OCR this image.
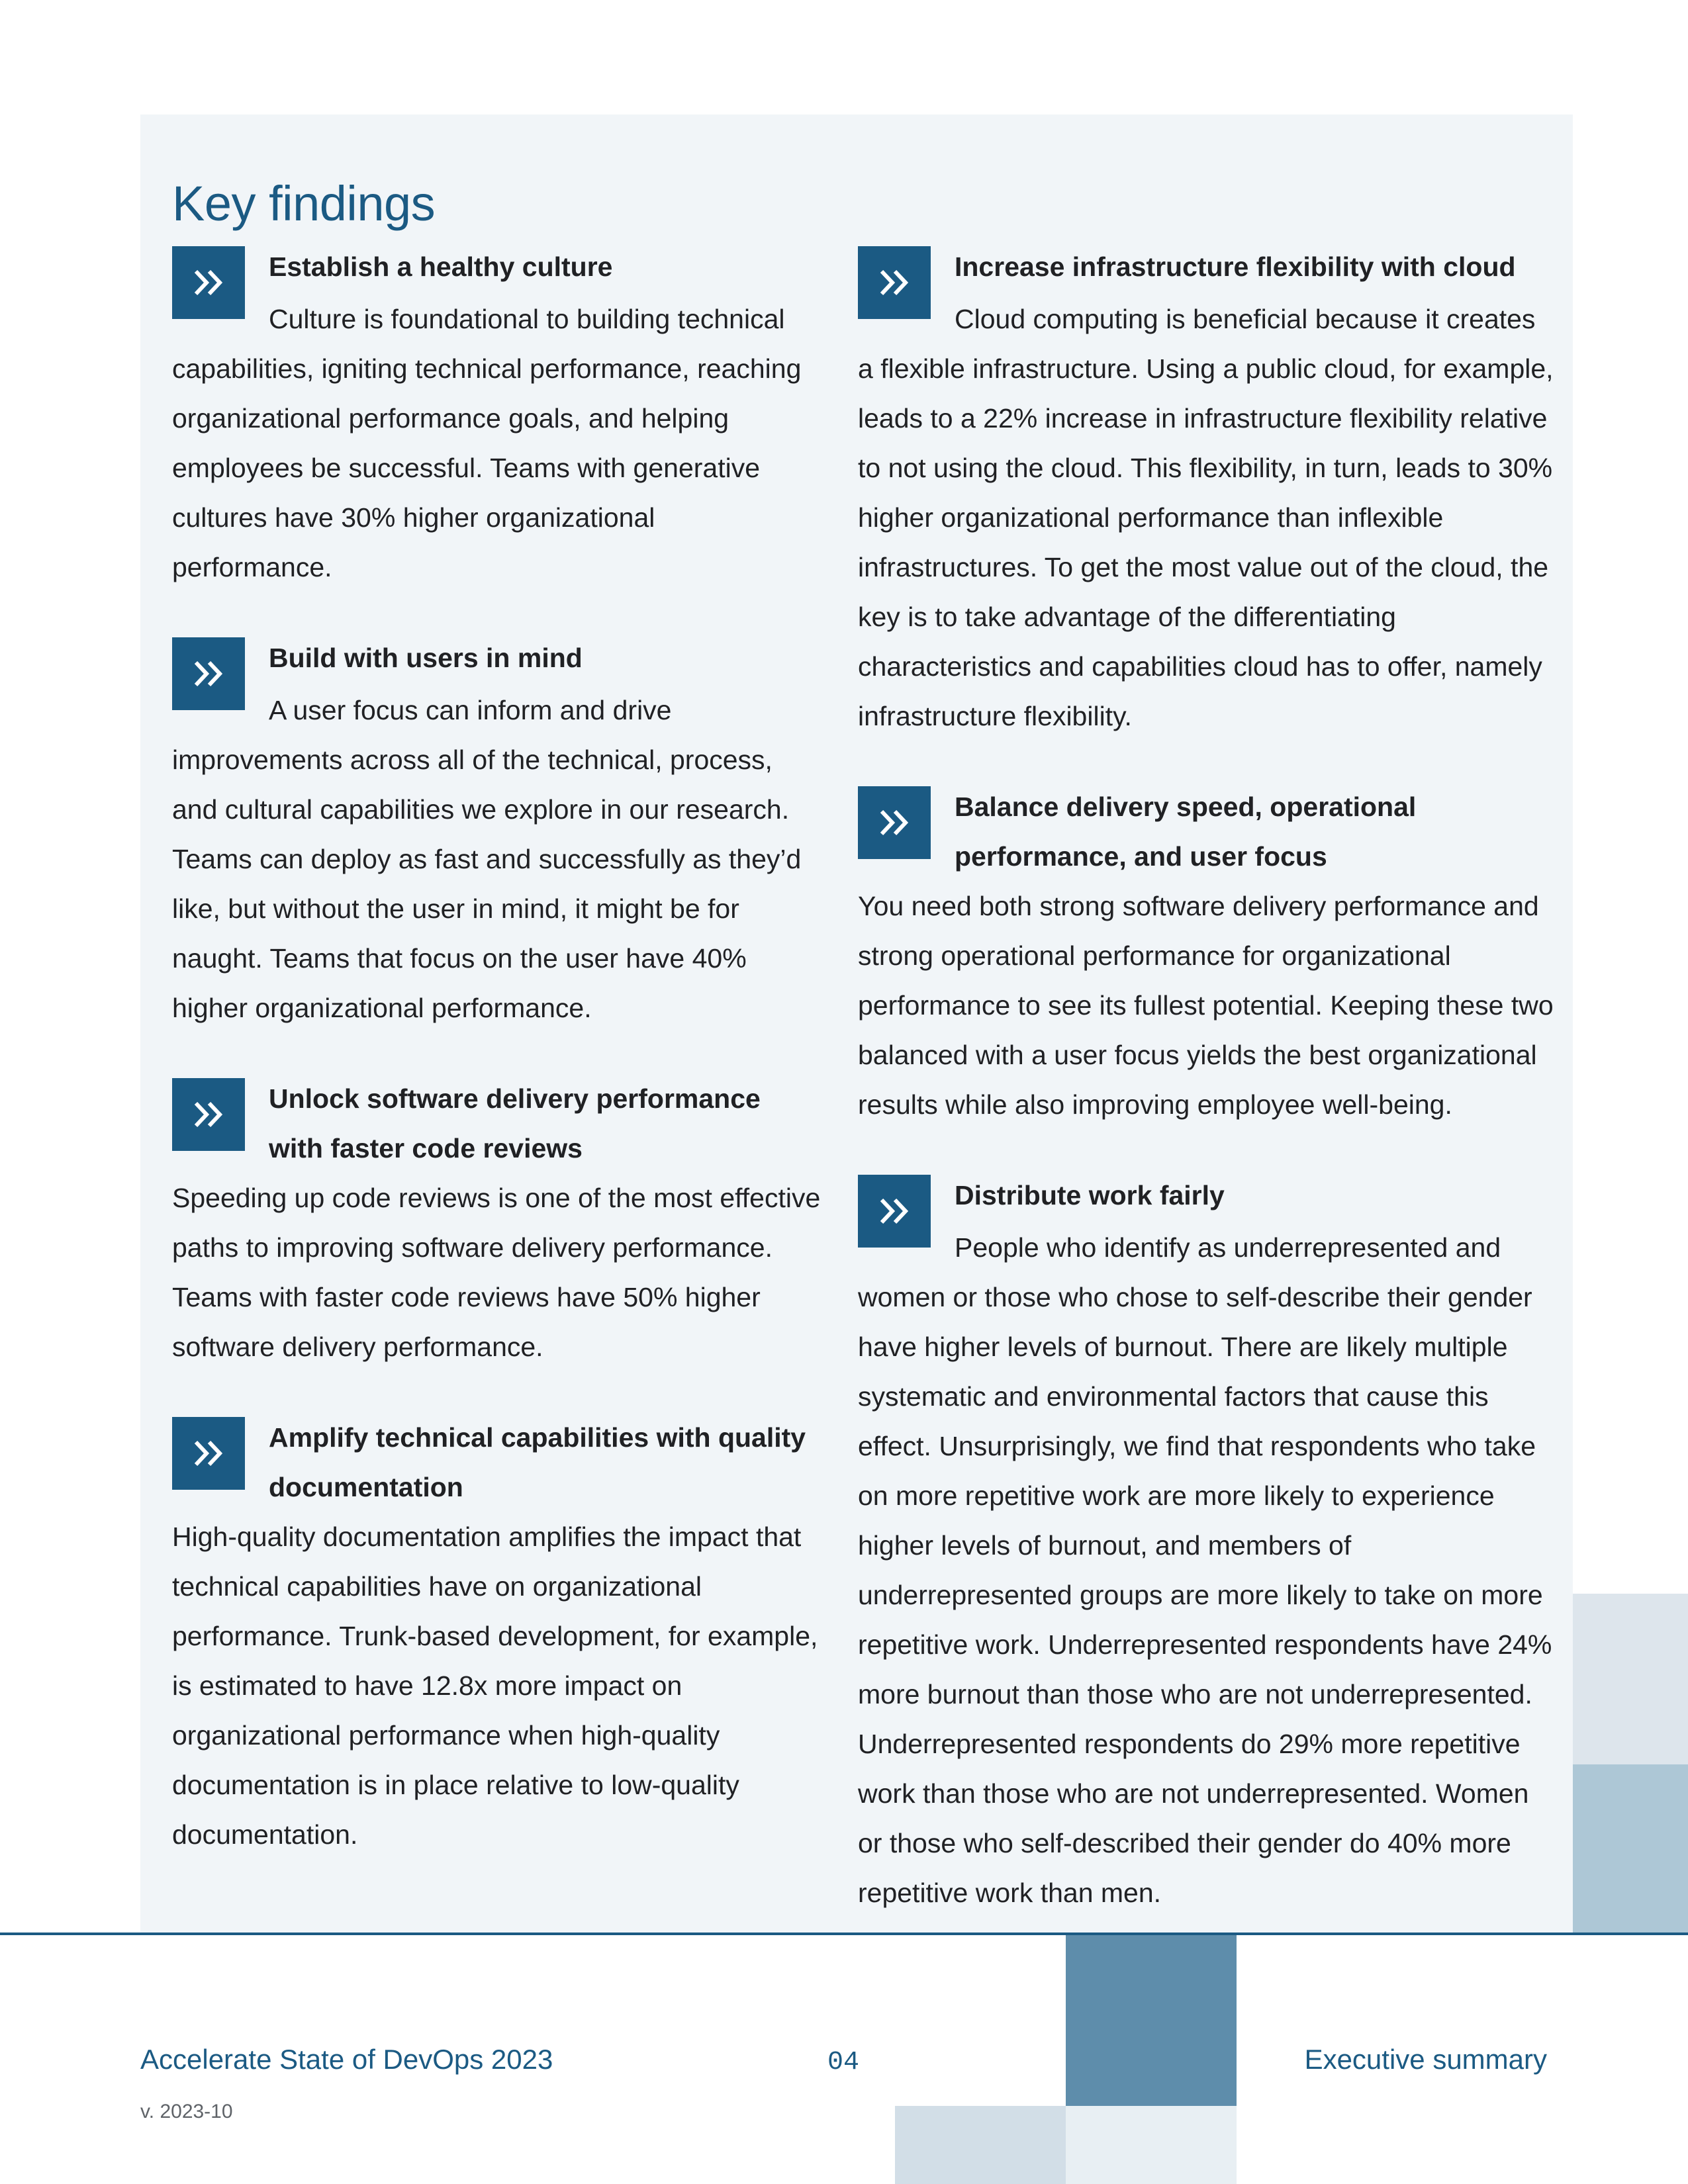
Key findings

Establish a healthy culture

Culture is foundational to building technical capabilities, igniting technical performance, reaching organizational performance goals, and helping employees be successful. Teams with generative cultures have 30% higher organizational performance.

Build with users in mind

A user focus can inform and drive improvements across all of the technical, process, and cultural capabilities we explore in our research. Teams can deploy as fast and successfully as they’d like, but without the user in mind, it might be for naught. Teams that focus on the user have 40% higher organizational performance.

Unlock software delivery performance with faster code reviews

Speeding up code reviews is one of the most effective paths to improving software delivery performance. Teams with faster code reviews have 50% higher software delivery performance.

Amplify technical capabilities with quality documentation

High-quality documentation amplifies the impact that technical capabilities have on organizational performance. Trunk-based development, for example, is estimated to have 12.8x more impact on organizational performance when high-quality documentation is in place relative to low-quality documentation.

Increase infrastructure flexibility with cloud

Cloud computing is beneficial because it creates a flexible infrastructure. Using a public cloud, for example, leads to a 22% increase in infrastructure flexibility relative to not using the cloud. This flexibility, in turn, leads to 30% higher organizational performance than inflexible infrastructures. To get the most value out of the cloud, the key is to take advantage of the differentiating characteristics and capabilities cloud has to offer, namely infrastructure flexibility.

Balance delivery speed, operational performance, and user focus

You need both strong software delivery performance and strong operational performance for organizational performance to see its fullest potential. Keeping these two balanced with a user focus yields the best organizational results while also improving employee well-being.

Distribute work fairly

People who identify as underrepresented and women or those who chose to self-describe their gender have higher levels of burnout. There are likely multiple systematic and environmental factors that cause this effect. Unsurprisingly, we find that respondents who take on more repetitive work are more likely to experience higher levels of burnout, and members of underrepresented groups are more likely to take on more repetitive work. Underrepresented respondents have 24% more burnout than those who are not underrepresented. Underrepresented respondents do 29% more repetitive work than those who are not underrepresented. Women or those who self-described their gender do 40% more repetitive work than men.

Accelerate State of DevOps 2023
v. 2023-10
04	Executive summary
